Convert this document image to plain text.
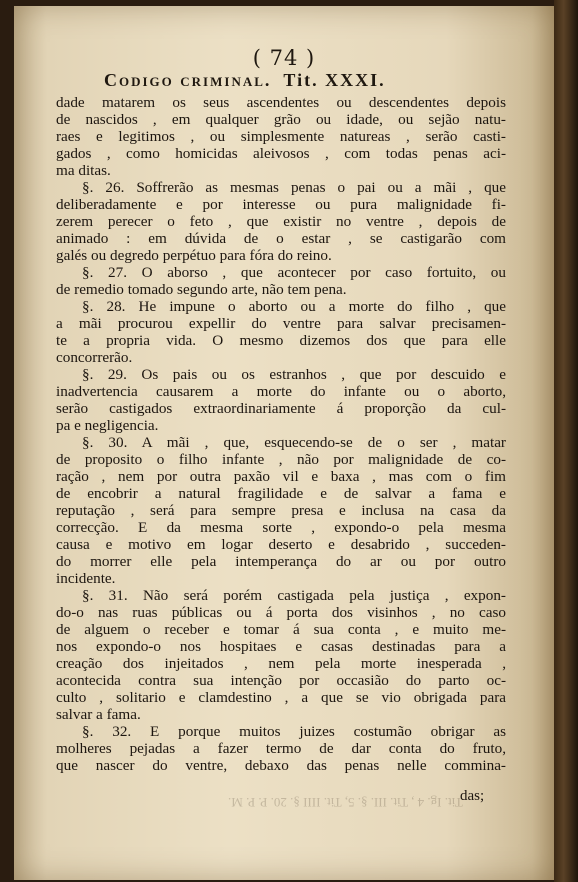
( 74 )
Codigo criminal. Tit. XXXI.
dade matarem os seus ascendentes ou descendentes depois
de nascidos , em qualquer grão ou idade, ou sejão natu-
raes e legitimos , ou simplesmente natureas , serão casti-
gados , como homicidas aleivosos , com todas penas aci-
ma ditas.
§. 26. Soffrerão as mesmas penas o pai ou a mãi , que
deliberadamente e por interesse ou pura malignidade fi-
zerem perecer o feto , que existir no ventre , depois de
animado : em dúvida de o estar , se castigarão com
galés ou degredo perpétuo para fóra do reino.
§. 27. O aborso , que acontecer por caso fortuito, ou
de remedio tomado segundo arte, não tem pena.
§. 28. He impune o aborto ou a morte do filho , que
a mãi procurou expellir do ventre para salvar precisamen-
te a propria vida. O mesmo dizemos dos que para elle
concorrerão.
§. 29. Os pais ou os estranhos , que por descuido e
inadvertencia causarem a morte do infante ou o aborto,
serão castigados extraordinariamente á proporção da cul-
pa e negligencia.
§. 30. A mãi , que, esquecendo-se de o ser , matar
de proposito o filho infante , não por malignidade de co-
ração , nem por outra paxão vil e baxa , mas com o fim
de encobrir a natural fragilidade e de salvar a fama e
reputação , será para sempre presa e inclusa na casa da
correcção. E da mesma sorte , expondo-o pela mesma
causa e motivo em logar deserto e desabrido , succeden-
do morrer elle pela intemperança do ar ou por outro
incidente.
§. 31. Não será porém castigada pela justiça , expon-
do-o nas ruas públicas ou á porta dos visinhos , no caso
de alguem o receber e tomar á sua conta , e muito me-
nos expondo-o nos hospitaes e casas destinadas para a
creação dos injeitados , nem pela morte inesperada ,
acontecida contra sua intenção por occasião do parto oc-
culto , solitario e clamdestino , a que se vio obrigada para
salvar a fama.
§. 32. E porque muitos juizes costumão obrigar as
molheres pejadas a fazer termo de dar conta do fruto,
que nascer do ventre, debaxo das penas nelle commina-
Tit. Ig. 4 , Tit. III. §. 5, Tit. IIII §. 20. P. P. M.
das;
